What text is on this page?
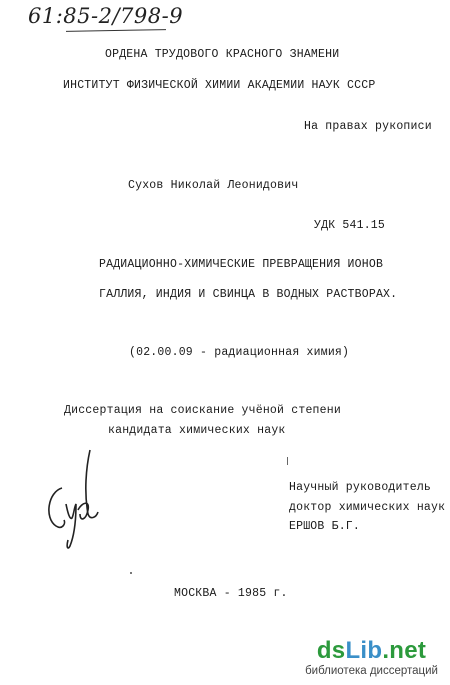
61:85-2/798-9
ОРДЕНА ТРУДОВОГО КРАСНОГО ЗНАМЕНИ
ИНСТИТУТ ФИЗИЧЕСКОЙ ХИМИИ АКАДЕМИИ НАУК СССР
На правах рукописи
Сухов Николай Леонидович
УДК 541.15
РАДИАЦИОННО-ХИМИЧЕСКИЕ ПРЕВРАЩЕНИЯ ИОНОВ
ГАЛЛИЯ, ИНДИЯ И СВИНЦА В ВОДНЫХ РАСТВОРАХ.
(02.00.09 - радиационная химия)
Диссертация на соискание учёной степени
кандидата химических наук
Научный руководитель
доктор химических наук
ЕРШОВ Б.Г.
МОСКВА - 1985 г.
dsLib.net
библиотека диссертаций
